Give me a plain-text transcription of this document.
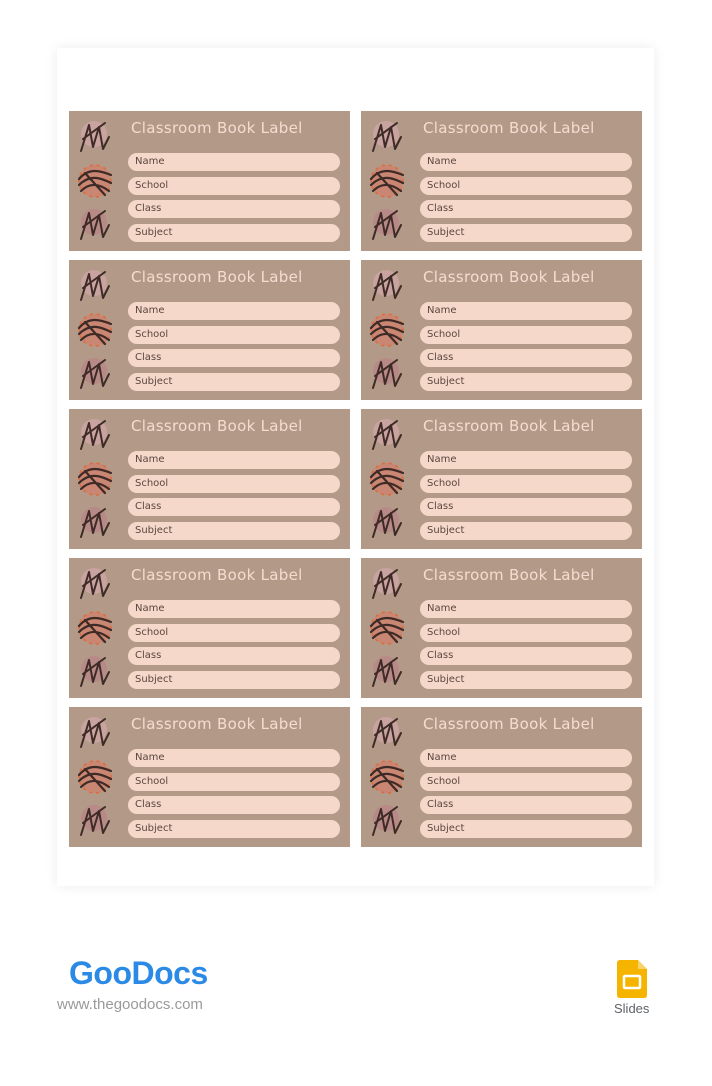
Classroom Book Label
Name
School
Class
Subject
Classroom Book Label
Name
School
Class
Subject
Classroom Book Label
Name
School
Class
Subject
Classroom Book Label
Name
School
Class
Subject
Classroom Book Label
Name
School
Class
Subject
Classroom Book Label
Name
School
Class
Subject
Classroom Book Label
Name
School
Class
Subject
Classroom Book Label
Name
School
Class
Subject
Classroom Book Label
Name
School
Class
Subject
Classroom Book Label
Name
School
Class
Subject
GooDocs
www.thegoodocs.com	Slides
